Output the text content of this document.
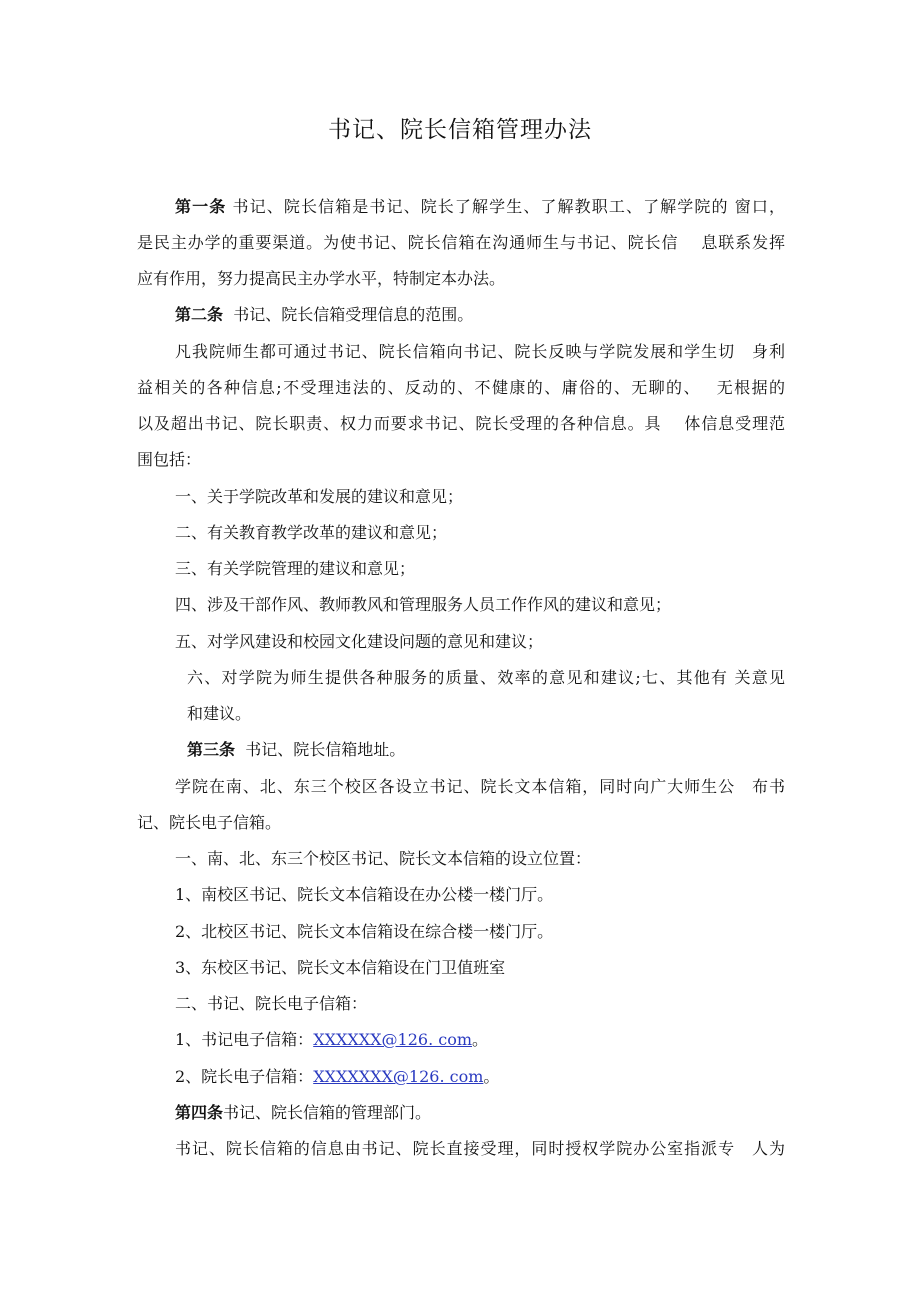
书记、院长信箱管理办法
第一条 书记、院长信箱是书记、院长了解学生、了解教职工、了解学院的 窗口，
是民主办学的重要渠道。为使书记、院长信箱在沟通师生与书记、院长信　 息联系发挥
应有作用，努力提高民主办学水平，特制定本办法。
第二条 书记、院长信箱受理信息的范围。
凡我院师生都可通过书记、院长信箱向书记、院长反映与学院发展和学生切　身利
益相关的各种信息;不受理违法的、反动的、不健康的、庸俗的、无聊的、　 无根据的
以及超出书记、院长职责、权力而要求书记、院长受理的各种信息。具　 体信息受理范
围包括：
一、关于学院改革和发展的建议和意见；
二、有关教育教学改革的建议和意见；
三、有关学院管理的建议和意见；
四、涉及干部作风、教师教风和管理服务人员工作作风的建议和意见；
五、对学风建设和校园文化建设问题的意见和建议；
六、对学院为师生提供各种服务的质量、效率的意见和建议;七、其他有 关意见
和建议。
第三条 书记、院长信箱地址。
学院在南、北、东三个校区各设立书记、院长文本信箱，同时向广大师生公　布书
记、院长电子信箱。
一、南、北、东三个校区书记、院长文本信箱的设立位置：
1、南校区书记、院长文本信箱设在办公楼一楼门厅。
2、北校区书记、院长文本信箱设在综合楼一楼门厅。
3、东校区书记、院长文本信箱设在门卫值班室
二、书记、院长电子信箱：
1、书记电子信箱：XXXXXX@126. com。
2、院长电子信箱：XXXXXXX@126. com。
第四条书记、院长信箱的管理部门。
书记、院长信箱的信息由书记、院长直接受理，同时授权学院办公室指派专　人为
